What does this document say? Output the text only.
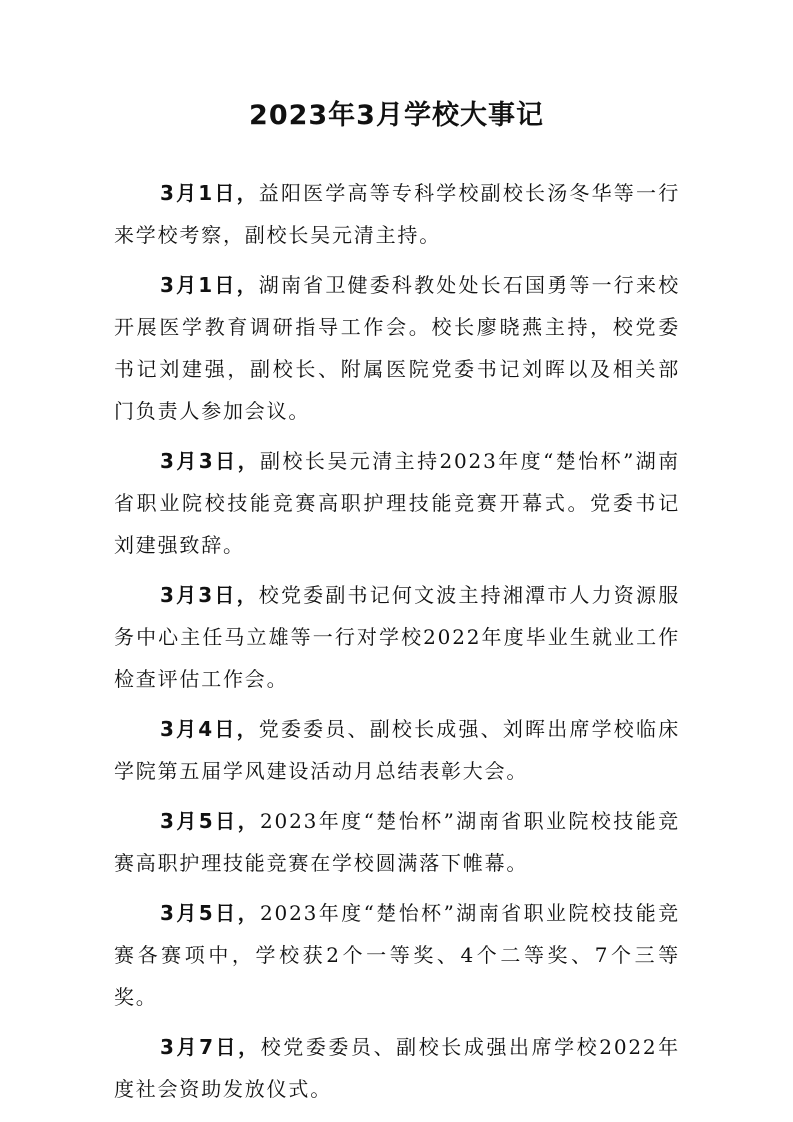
2023年3月学校大事记

3月1日，益阳医学高等专科学校副校长汤冬华等一行来学校考察，副校长吴元清主持。

3月1日，湖南省卫健委科教处处长石国勇等一行来校开展医学教育调研指导工作会。校长廖晓燕主持，校党委书记刘建强，副校长、附属医院党委书记刘晖以及相关部门负责人参加会议。

3月3日，副校长吴元清主持2023年度“楚怡杯”湖南省职业院校技能竞赛高职护理技能竞赛开幕式。党委书记刘建强致辞。

3月3日，校党委副书记何文波主持湘潭市人力资源服务中心主任马立雄等一行对学校2022年度毕业生就业工作检查评估工作会。

3月4日，党委委员、副校长成强、刘晖出席学校临床学院第五届学风建设活动月总结表彰大会。

3月5日，2023年度“楚怡杯”湖南省职业院校技能竞赛高职护理技能竞赛在学校圆满落下帷幕。

3月5日，2023年度“楚怡杯”湖南省职业院校技能竞赛各赛项中，学校获2个一等奖、4个二等奖、7个三等奖。

3月7日，校党委委员、副校长成强出席学校2022年度社会资助发放仪式。
